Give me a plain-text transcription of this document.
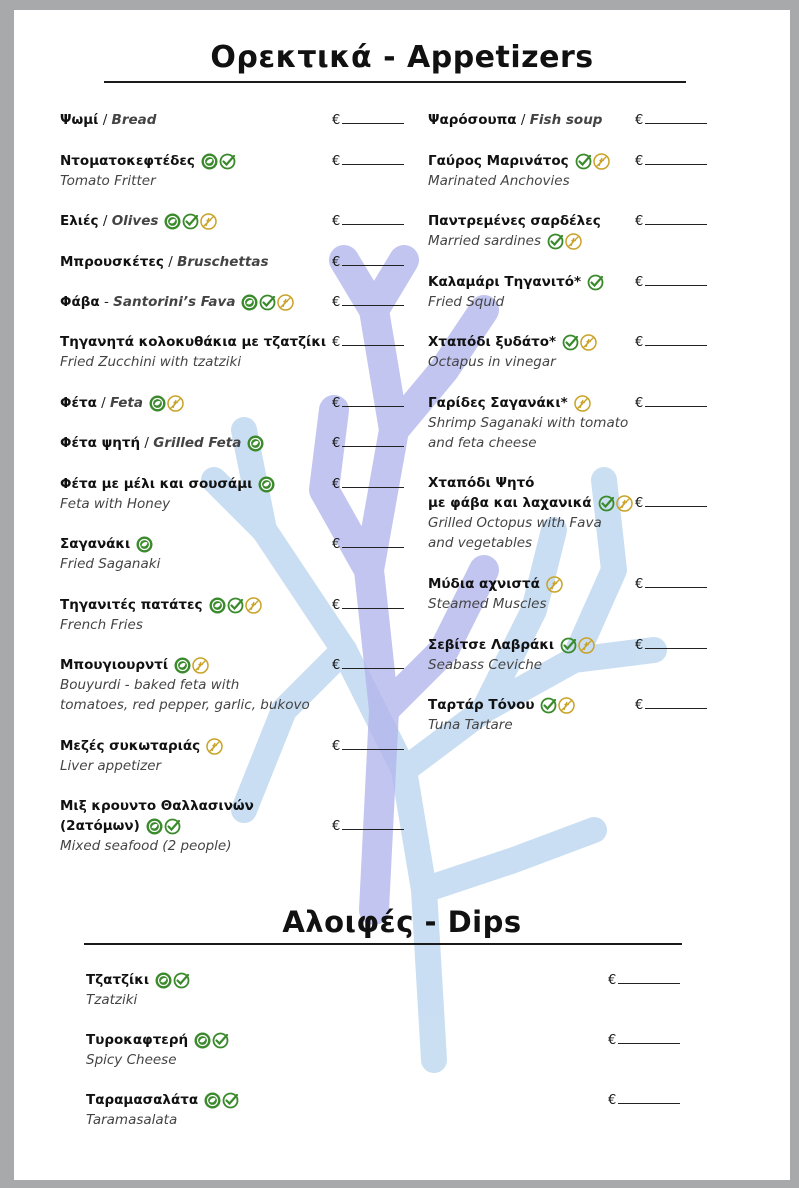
Ορεκτικά - Appetizers
Ψωμί / Bread	€
Ντοματοκεφτέδες
Tomato Fritter
€
Ελιές / Olives	€
Μπρουσκέτες / Bruschettas	€
Φάβα - Santorini’s Fava	€
Τηγανητά κολοκυθάκια με τζατζίκι
Fried Zucchini with tzatziki
€
Φέτα / Feta	€
Φέτα ψητή / Grilled Feta	€
Φέτα με μέλι και σουσάμι
Feta with Honey
€
Σαγανάκι
Fried Saganaki
€
Τηγανιτές πατάτες
French Fries
€
Μπουγιουρντί
Bouyurdi - baked feta with
tomatoes, red pepper, garlic, bukovo
€
Μεζές συκωταριάς
Liver appetizer
€
Μιξ κρουντο Θαλλασινών
(2ατόμων)
Mixed seafood (2 people)
€
Ψαρόσουπα / Fish soup	€
Γαύρος Μαρινάτος
Marinated Anchovies
€
Παντρεμένες σαρδέλες
Married sardines
€
Καλαμάρι Τηγανιτό*
Fried Squid
€
Χταπόδι ξυδάτο*
Octapus in vinegar
€
Γαρίδες Σαγανάκι*
Shrimp Saganaki with tomato
and feta cheese
€
Χταπόδι Ψητό
με φάβα και λαχανικά
Grilled Octopus with Fava
and vegetables
€
Μύδια αχνιστά
Steamed Muscles
€
Σεβίτσε Λαβράκι
Seabass Ceviche
€
Ταρτάρ Τόνου
Tuna Tartare
€
Αλοιφές - Dips
Τζατζίκι
Tzatziki
€
Τυροκαφτερή
Spicy Cheese
€
Ταραμασαλάτα
Taramasalata
€
